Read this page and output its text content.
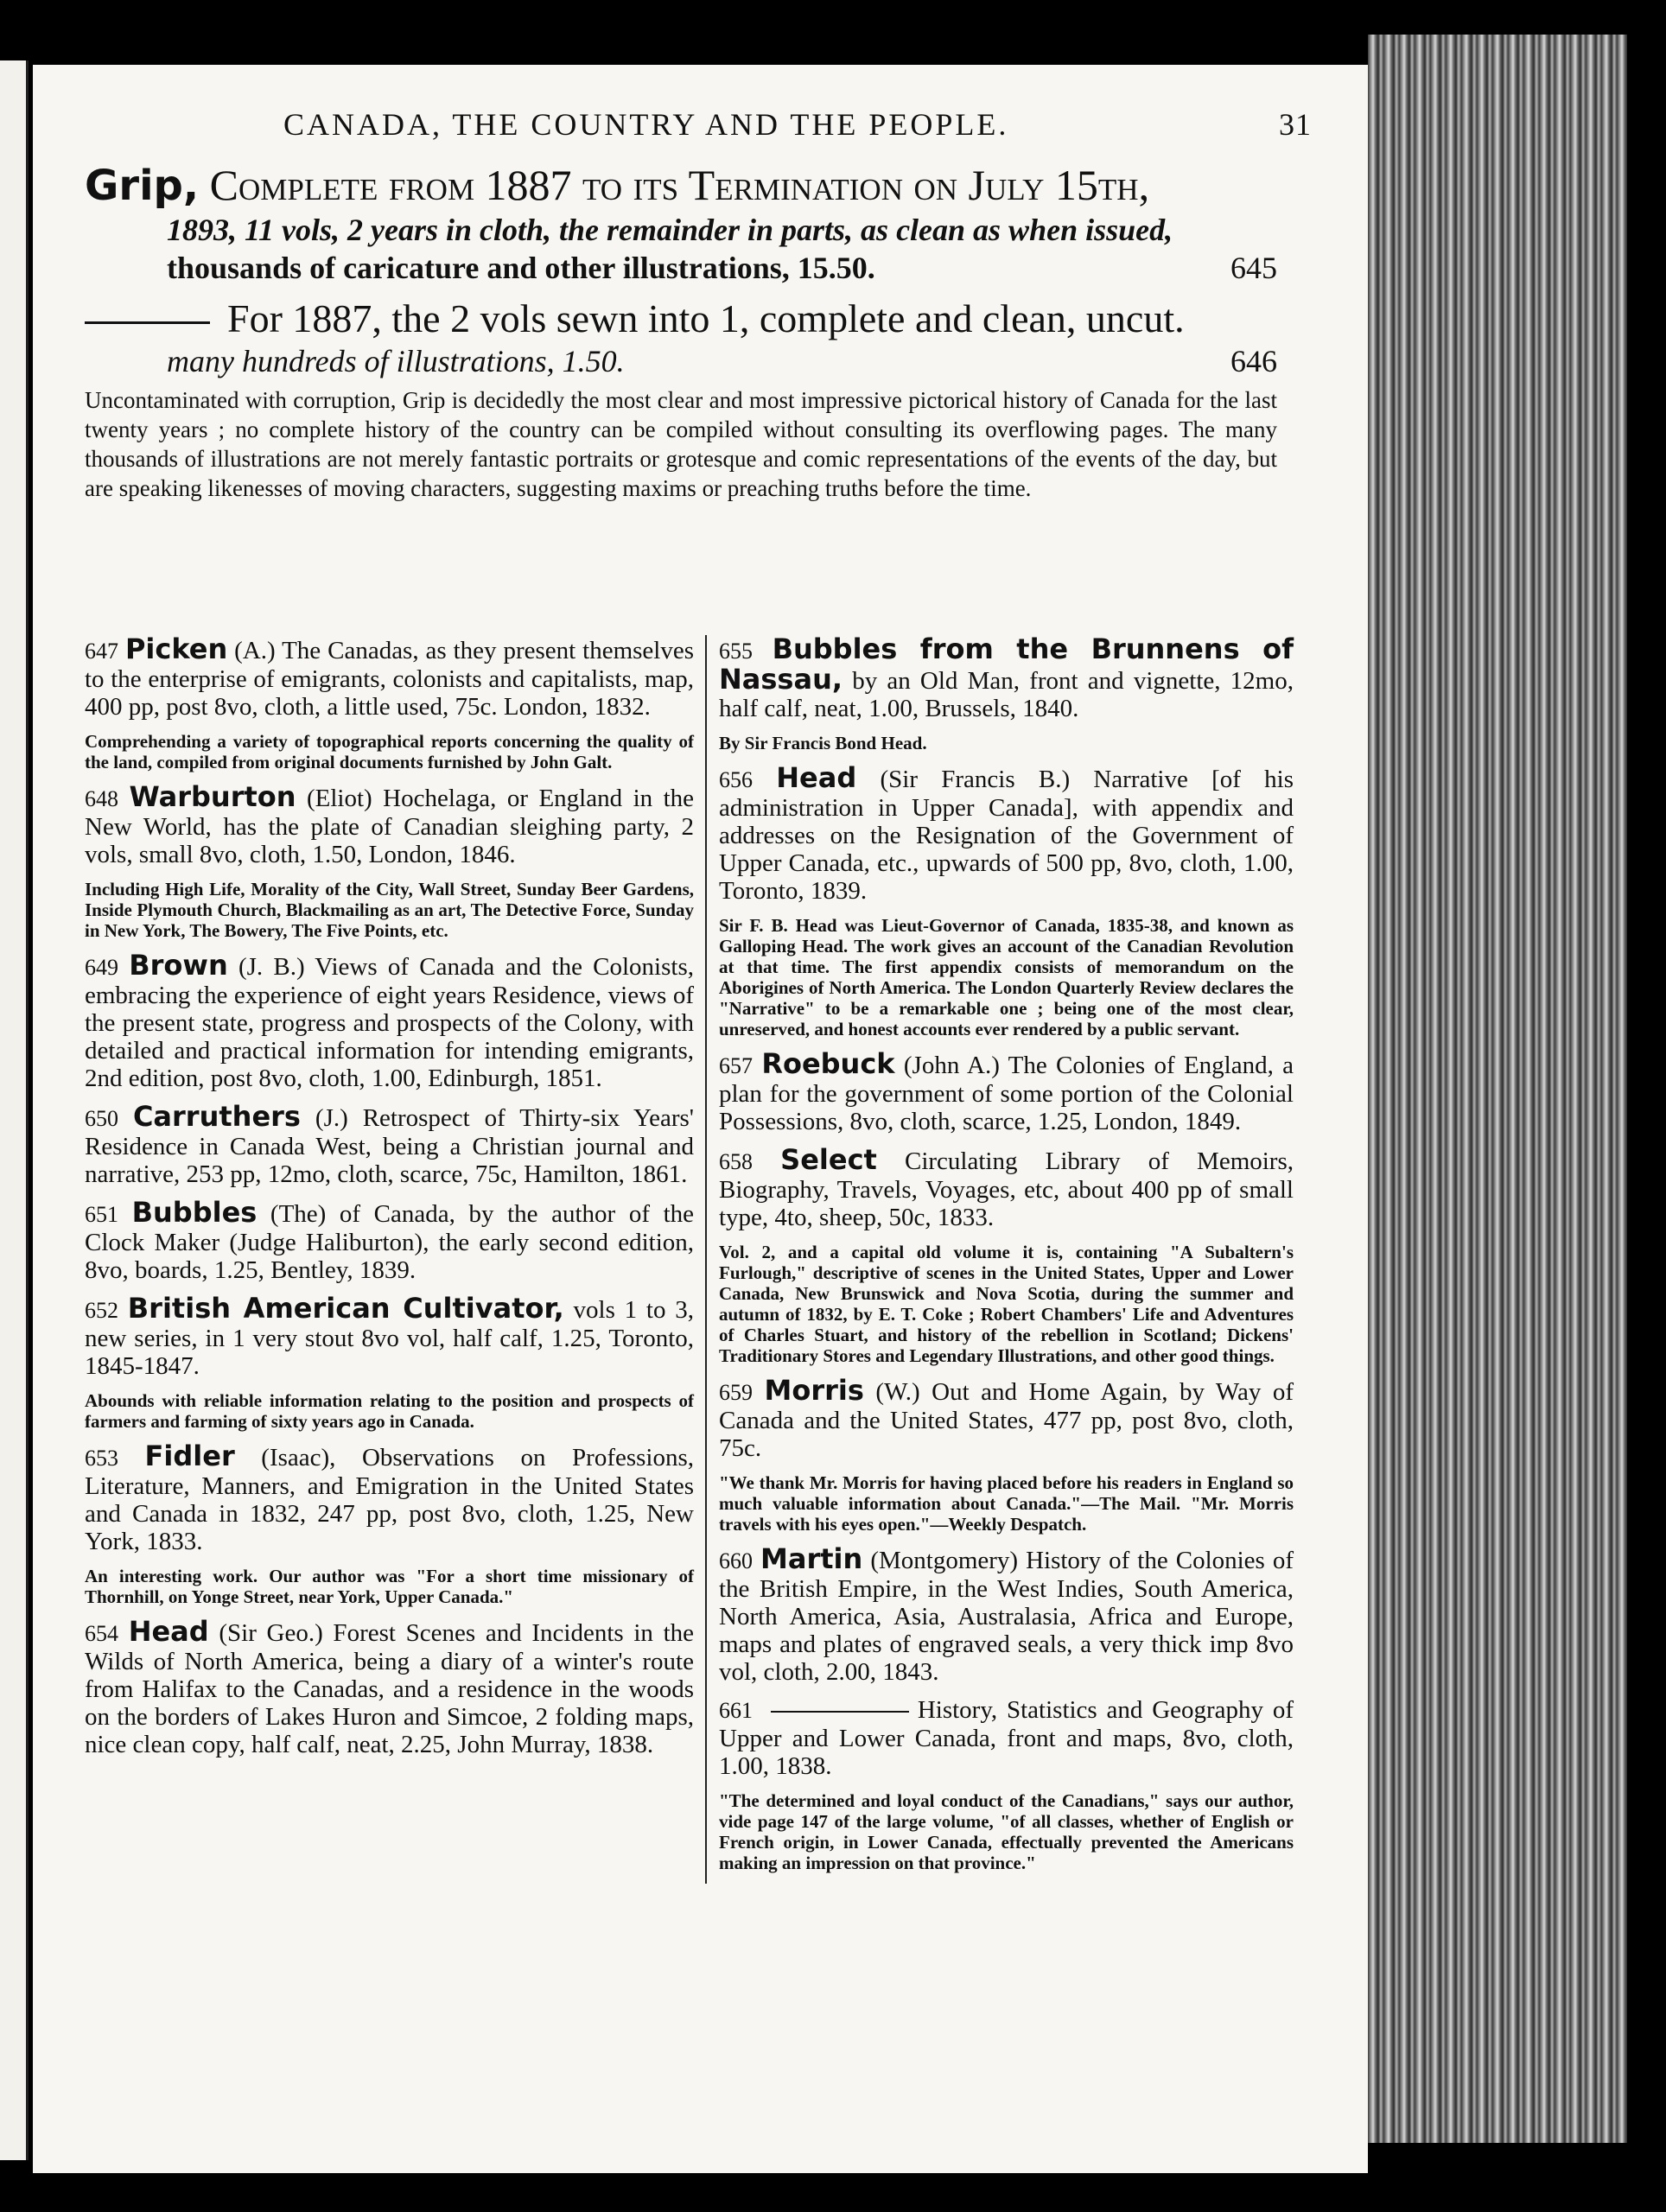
CANADA, THE COUNTRY AND THE PEOPLE.	31
Grip, Complete from 1887 to its Termination on July 15th,
1893, 11 vols, 2 years in cloth, the remainder in parts, as clean as when issued,
thousands of caricature and other illustrations, 15.50.	645
For 1887, the 2 vols sewn into 1, complete and clean, uncut.
many hundreds of illustrations, 1.50.	646
Uncontaminated with corruption, Grip is decidedly the most clear and most impressive pictorical history of Canada for the last twenty years ; no complete history of the country can be compiled without consulting its overflowing pages. The many thousands of illustrations are not merely fantastic portraits or grotesque and comic representations of the events of the day, but are speaking likenesses of moving characters, suggesting maxims or preaching truths before the time.
647 Picken (A.) The Canadas, as they present themselves to the enterprise of emigrants, colonists and capitalists, map, 400 pp, post 8vo, cloth, a little used, 75c. London, 1832.
Comprehending a variety of topographical reports concerning the quality of the land, compiled from original documents furnished by John Galt.
648 Warburton (Eliot) Hochelaga, or England in the New World, has the plate of Canadian sleighing party, 2 vols, small 8vo, cloth, 1.50, London, 1846.
Including High Life, Morality of the City, Wall Street, Sunday Beer Gardens, Inside Plymouth Church, Blackmailing as an art, The Detective Force, Sunday in New York, The Bowery, The Five Points, etc.
649 Brown (J. B.) Views of Canada and the Colonists, embracing the experience of eight years Residence, views of the present state, progress and prospects of the Colony, with detailed and practical information for intending emigrants, 2nd edition, post 8vo, cloth, 1.00, Edinburgh, 1851.
650 Carruthers (J.) Retrospect of Thirty-six Years' Residence in Canada West, being a Christian journal and narrative, 253 pp, 12mo, cloth, scarce, 75c, Hamilton, 1861.
651 Bubbles (The) of Canada, by the author of the Clock Maker (Judge Haliburton), the early second edition, 8vo, boards, 1.25, Bentley, 1839.
652 British American Cultivator, vols 1 to 3, new series, in 1 very stout 8vo vol, half calf, 1.25, Toronto, 1845-1847.
Abounds with reliable information relating to the position and prospects of farmers and farming of sixty years ago in Canada.
653 Fidler (Isaac), Observations on Professions, Literature, Manners, and Emigration in the United States and Canada in 1832, 247 pp, post 8vo, cloth, 1.25, New York, 1833.
An interesting work. Our author was "For a short time missionary of Thornhill, on Yonge Street, near York, Upper Canada."
654 Head (Sir Geo.) Forest Scenes and Incidents in the Wilds of North America, being a diary of a winter's route from Halifax to the Canadas, and a residence in the woods on the borders of Lakes Huron and Simcoe, 2 folding maps, nice clean copy, half calf, neat, 2.25, John Murray, 1838.
655 Bubbles from the Brunnens of Nassau, by an Old Man, front and vignette, 12mo, half calf, neat, 1.00, Brussels, 1840.
By Sir Francis Bond Head.
656 Head (Sir Francis B.) Narrative [of his administration in Upper Canada], with appendix and addresses on the Resignation of the Government of Upper Canada, etc., upwards of 500 pp, 8vo, cloth, 1.00, Toronto, 1839.
Sir F. B. Head was Lieut-Governor of Canada, 1835-38, and known as Galloping Head. The work gives an account of the Canadian Revolution at that time. The first appendix consists of memorandum on the Aborigines of North America. The London Quarterly Review declares the "Narrative" to be a remarkable one ; being one of the most clear, unreserved, and honest accounts ever rendered by a public servant.
657 Roebuck (John A.) The Colonies of England, a plan for the government of some portion of the Colonial Possessions, 8vo, cloth, scarce, 1.25, London, 1849.
658 Select Circulating Library of Memoirs, Biography, Travels, Voyages, etc, about 400 pp of small type, 4to, sheep, 50c, 1833.
Vol. 2, and a capital old volume it is, containing "A Subaltern's Furlough," descriptive of scenes in the United States, Upper and Lower Canada, New Brunswick and Nova Scotia, during the summer and autumn of 1832, by E. T. Coke ; Robert Chambers' Life and Adventures of Charles Stuart, and history of the rebellion in Scotland; Dickens' Traditionary Stores and Legendary Illustrations, and other good things.
659 Morris (W.) Out and Home Again, by Way of Canada and the United States, 477 pp, post 8vo, cloth, 75c.
"We thank Mr. Morris for having placed before his readers in England so much valuable information about Canada."—The Mail. "Mr. Morris travels with his eyes open."—Weekly Despatch.
660 Martin (Montgomery) History of the Colonies of the British Empire, in the West Indies, South America, North America, Asia, Australasia, Africa and Europe, maps and plates of engraved seals, a very thick imp 8vo vol, cloth, 2.00, 1843.
661	History, Statistics and Geography of Upper and Lower Canada, front and maps, 8vo, cloth, 1.00, 1838.
"The determined and loyal conduct of the Canadians," says our author, vide page 147 of the large volume, "of all classes, whether of English or French origin, in Lower Canada, effectually prevented the Americans making an impression on that province."
